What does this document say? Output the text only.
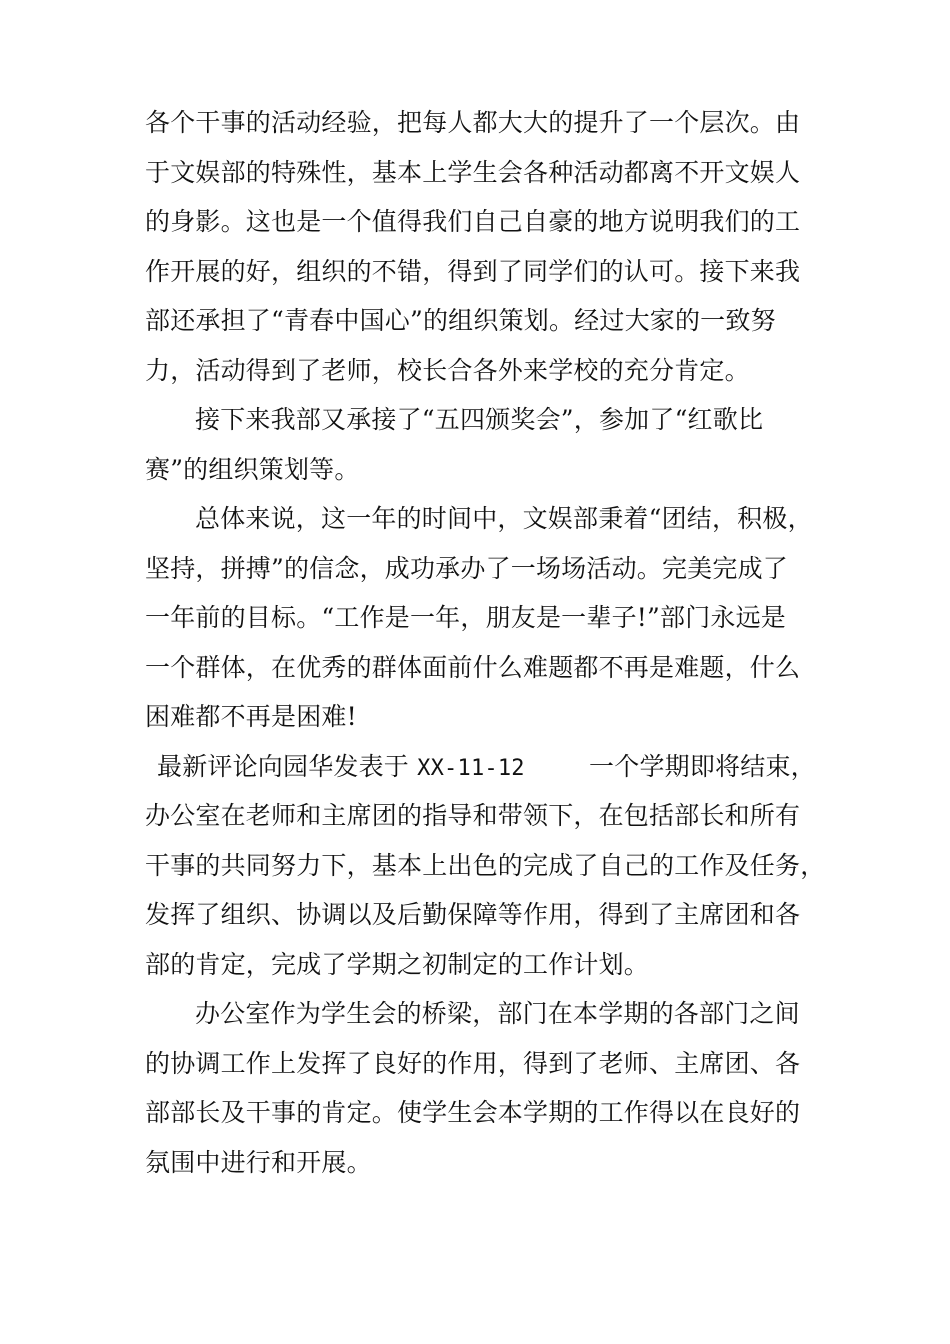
各个干事的活动经验，把每人都大大的提升了一个层次。由
于文娱部的特殊性，基本上学生会各种活动都离不开文娱人
的身影。这也是一个值得我们自己自豪的地方说明我们的工
作开展的好，组织的不错，得到了同学们的认可。接下来我
部还承担了“青春中国心”的组织策划。经过大家的一致努
力，活动得到了老师，校长合各外来学校的充分肯定。
接下来我部又承接了“五四颁奖会”，参加了“红歌比
赛”的组织策划等。
总体来说，这一年的时间中，文娱部秉着“团结，积极，
坚持，拼搏”的信念，成功承办了一场场活动。完美完成了
一年前的目标。“工作是一年，朋友是一辈子!”部门永远是
一个群体，在优秀的群体面前什么难题都不再是难题，什么
困难都不再是困难!
最新评论向园华发表于 XX-11-12	一个学期即将结束，
办公室在老师和主席团的指导和带领下，在包括部长和所有
干事的共同努力下，基本上出色的完成了自己的工作及任务，
发挥了组织、协调以及后勤保障等作用，得到了主席团和各
部的肯定，完成了学期之初制定的工作计划。
办公室作为学生会的桥梁，部门在本学期的各部门之间
的协调工作上发挥了良好的作用，得到了老师、主席团、各
部部长及干事的肯定。使学生会本学期的工作得以在良好的
氛围中进行和开展。
